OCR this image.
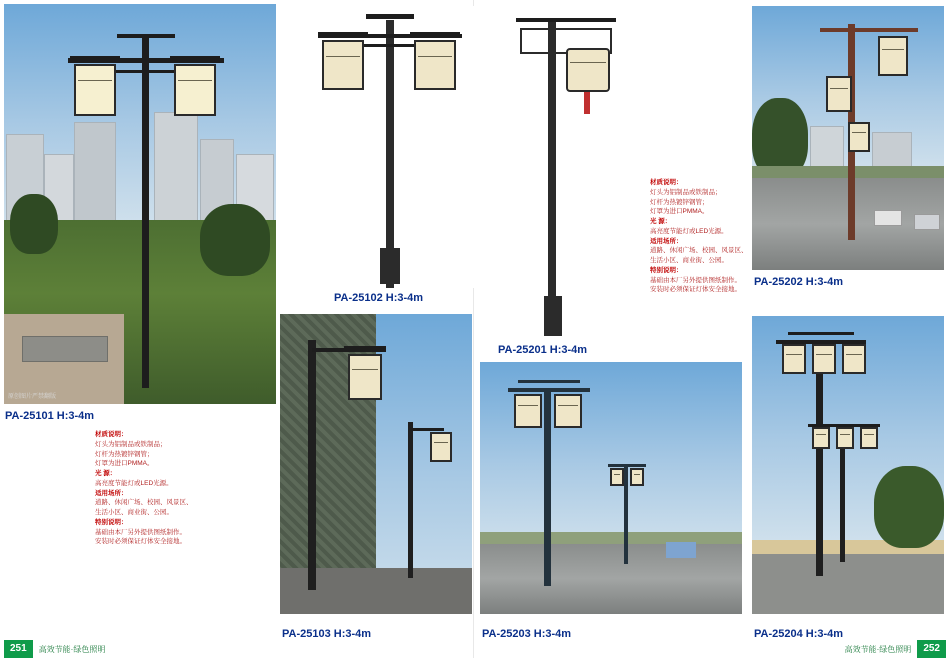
原创图片严禁翻版
PA-25101 H:3-4m
材质说明：
灯头为铝制品或铁制品；
灯杆为热镀锌钢管；
灯罩为进口PMMA。
光 源：
高亮度节能灯或LED光源。
适用场所：
道路、休闲广场、校园、风景区、
生活小区、商业街、公园。
特别说明：
基础由本厂另外提供图纸制作。
安装时必须保证灯体安全接地。
PA-25102 H:3-4m
PA-25201 H:3-4m
材质说明：
灯头为铝制品或铁制品；
灯杆为热镀锌钢管；
灯罩为进口PMMA。
光 源：
高亮度节能灯或LED光源。
适用场所：
道路、休闲广场、校园、风景区、
生活小区、商业街、公园。
特别说明：
基础由本厂另外提供图纸制作。
安装时必须保证灯体安全接地。
PA-25202 H:3-4m
PA-25103 H:3-4m	PA-25203 H:3-4m	PA-25204 H:3-4m
251	高效节能·绿色照明	高效节能·绿色照明	252
